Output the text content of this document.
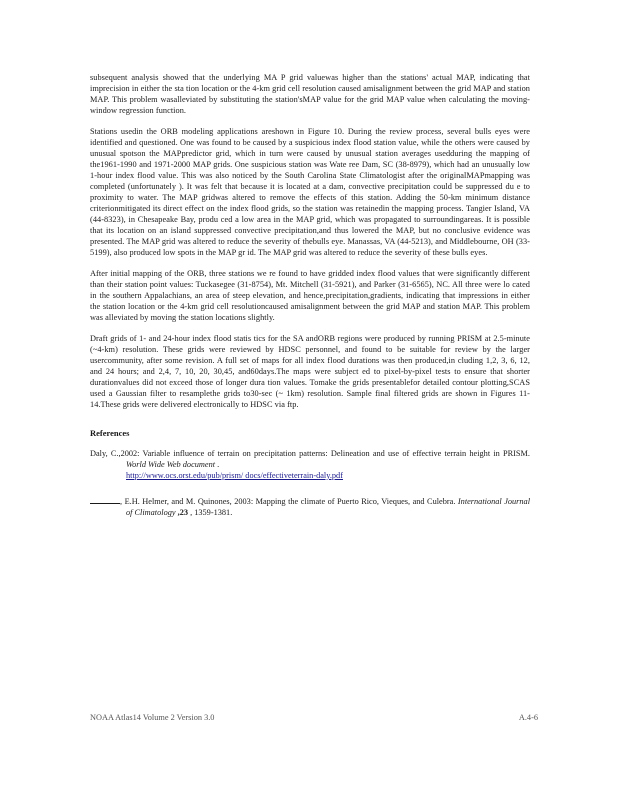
subsequent analysis showed that the underlying MA P grid valuewas higher than the stations' actual MAP, indicating that imprecision in either the sta tion location or the 4-km grid cell resolution caused amisalignment between the grid MAP and station MAP. This problem wasalleviated by substituting the station'sMAP value for the grid MAP value when calculating the moving-window regression function.

Stations usedin the ORB modeling applications areshown in Figure 10. During the review process, several bulls eyes were identified and questioned. One was found to be caused by a suspicious index flood station value, while the others were caused by unusual spotson the MAPpredictor grid, which in turn were caused by unusual station averages usedduring the mapping of the1961-1990 and 1971-2000 MAP grids. One suspicious station was Wate ree Dam, SC (38-8979), which had an unusually low 1-hour index flood value. This was also noticed by the South Carolina State Climatologist after the originalMAPmapping was completed (unfortunately ). It was felt that because it is located at a dam, convective precipitation could be suppressed du e to proximity to water. The MAP gridwas altered to remove the effects of this station. Adding the 50-km minimum distance criterionmitigated its direct effect on the index flood grids, so the station was retainedin the mapping process. Tangier Island, VA (44-8323), in Chesapeake Bay, produ ced a low area in the MAP grid, which was propagated to surroundingareas. It is possible that its location on an island suppressed convective precipitation,and thus lowered the MAP, but no conclusive evidence was presented. The MAP grid was altered to reduce the severity of thebulls eye. Manassas, VA (44-5213), and Middlebourne, OH (33-5199), also produced low spots in the MAP gr id. The MAP grid was altered to reduce the severity of these bulls eyes.

After initial mapping of the ORB, three stations we re found to have gridded index flood values that were significantly different than their station point values: Tuckasegee (31-8754), Mt. Mitchell (31-5921), and Parker (31-6565), NC. All three were lo cated in the southern Appalachians, an area of steep elevation, and hence,precipitation,gradients, indicating that impressions in either the station location or the 4-km grid cell resolutioncaused amisalignment between the grid MAP and station MAP. This problem was alleviated by moving the station locations slightly.

Draft grids of 1- and 24-hour index flood statis tics for the SA andORB regions were produced by running PRISM at 2.5-minute (~4-km) resolution. These grids were reviewed by HDSC personnel, and found to be suitable for review by the larger usercommunity, after some revision. A full set of maps for all index flood durations was then produced,in cluding 1,2, 3, 6, 12, and 24 hours; and 2,4, 7, 10, 20, 30,45, and60days.The maps were subject ed to pixel-by-pixel tests to ensure that shorter durationvalues did not exceed those of longer dura tion values. Tomake the grids presentablefor detailed contour plotting,SCAS used a Gaussian filter to resamplethe grids to30-sec (~ 1km) resolution. Sample final filtered grids are shown in Figures 11-14.These grids were delivered electronically to HDSC via ftp.

References
Daly, C.,2002: Variable influence of terrain on precipitation patterns: Delineation and use of effective terrain height in PRISM. World Wide Web document .
http://www.ocs.orst.edu/pub/prism/ docs/effectiveterrain-daly.pdf
, E.H. Helmer, and M. Quinones, 2003: Mapping the climate of Puerto Rico, Vieques, and Culebra. International Journal of Climatology ,23 , 1359-1381.
NOAA Atlas14 Volume 2 Version 3.0	A.4-6
